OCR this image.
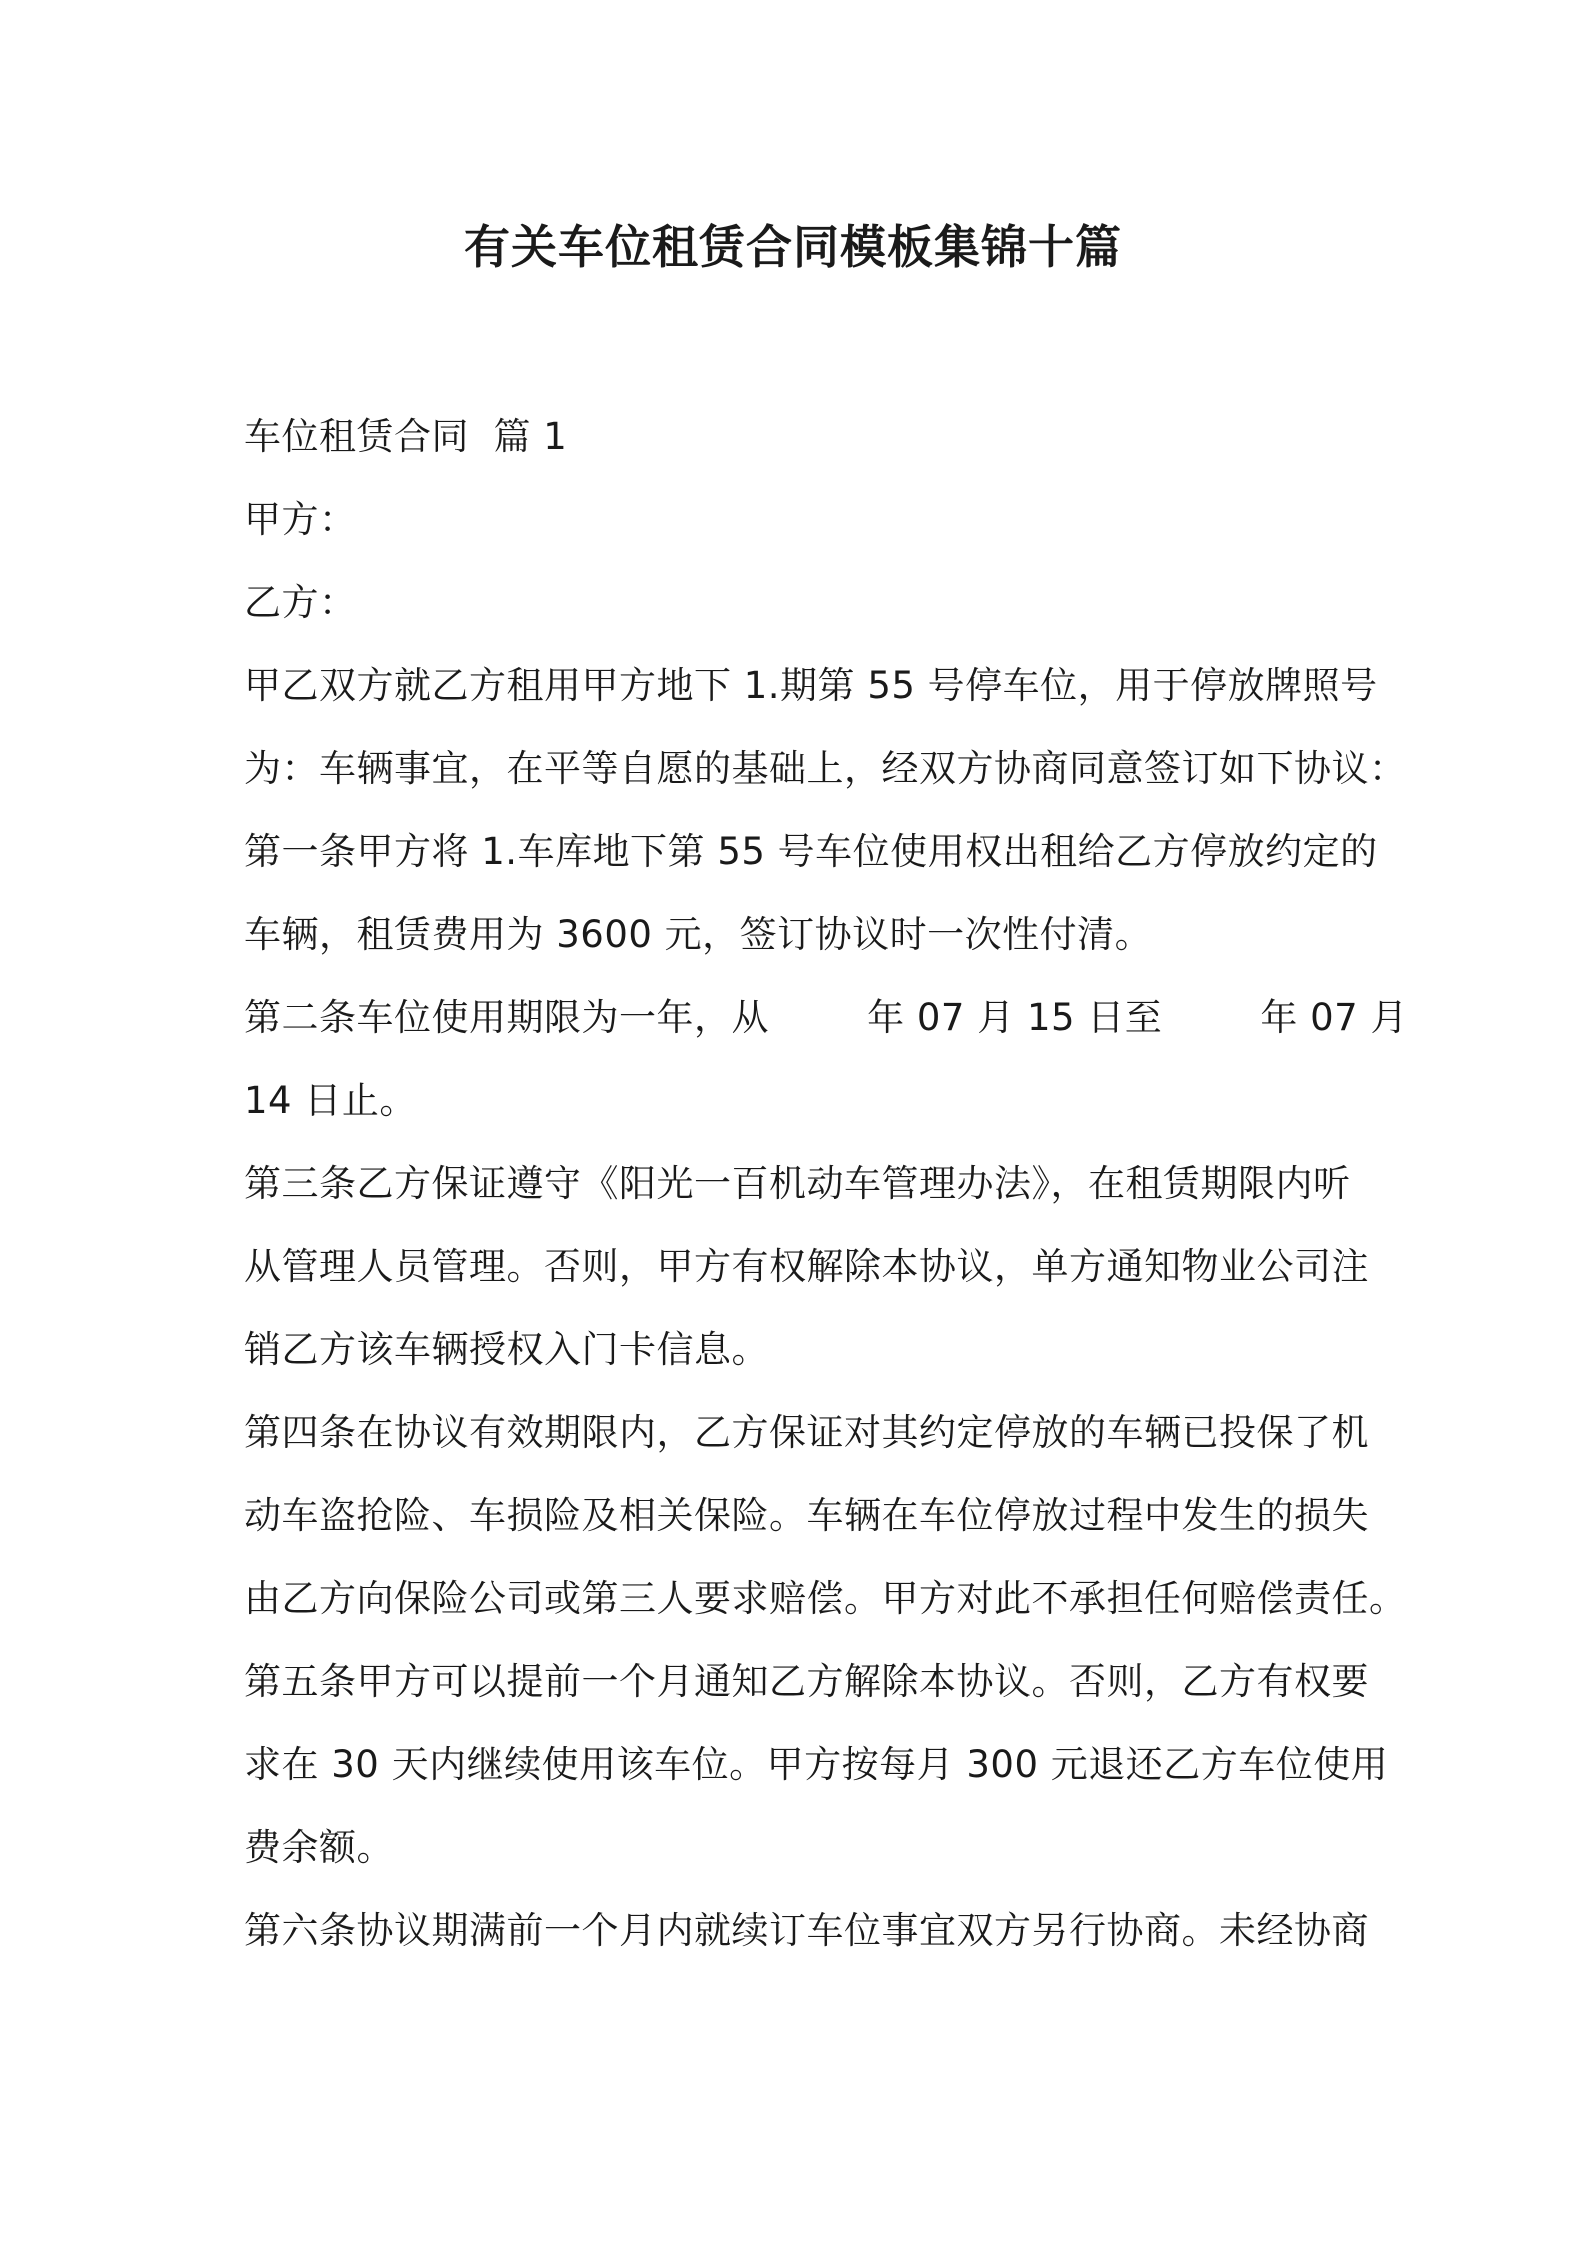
有关车位租赁合同模板集锦十篇
车位租赁合同  篇 1
甲方：
乙方：
甲乙双方就乙方租用甲方地下 1.期第 55 号停车位，用于停放牌照号
为：车辆事宜，在平等自愿的基础上，经双方协商同意签订如下协议：
第一条甲方将 1.车库地下第 55 号车位使用权出租给乙方停放约定的
车辆，租赁费用为 3600 元，签订协议时一次性付清。
第二条车位使用期限为一年，从        年 07 月 15 日至        年 07 月
14 日止。
第三条乙方保证遵守《阳光一百机动车管理办法》，在租赁期限内听
从管理人员管理。否则，甲方有权解除本协议，单方通知物业公司注
销乙方该车辆授权入门卡信息。
第四条在协议有效期限内，乙方保证对其约定停放的车辆已投保了机
动车盗抢险、车损险及相关保险。车辆在车位停放过程中发生的损失
由乙方向保险公司或第三人要求赔偿。甲方对此不承担任何赔偿责任。
第五条甲方可以提前一个月通知乙方解除本协议。否则，乙方有权要
求在 30 天内继续使用该车位。甲方按每月 300 元退还乙方车位使用
费余额。
第六条协议期满前一个月内就续订车位事宜双方另行协商。未经协商
